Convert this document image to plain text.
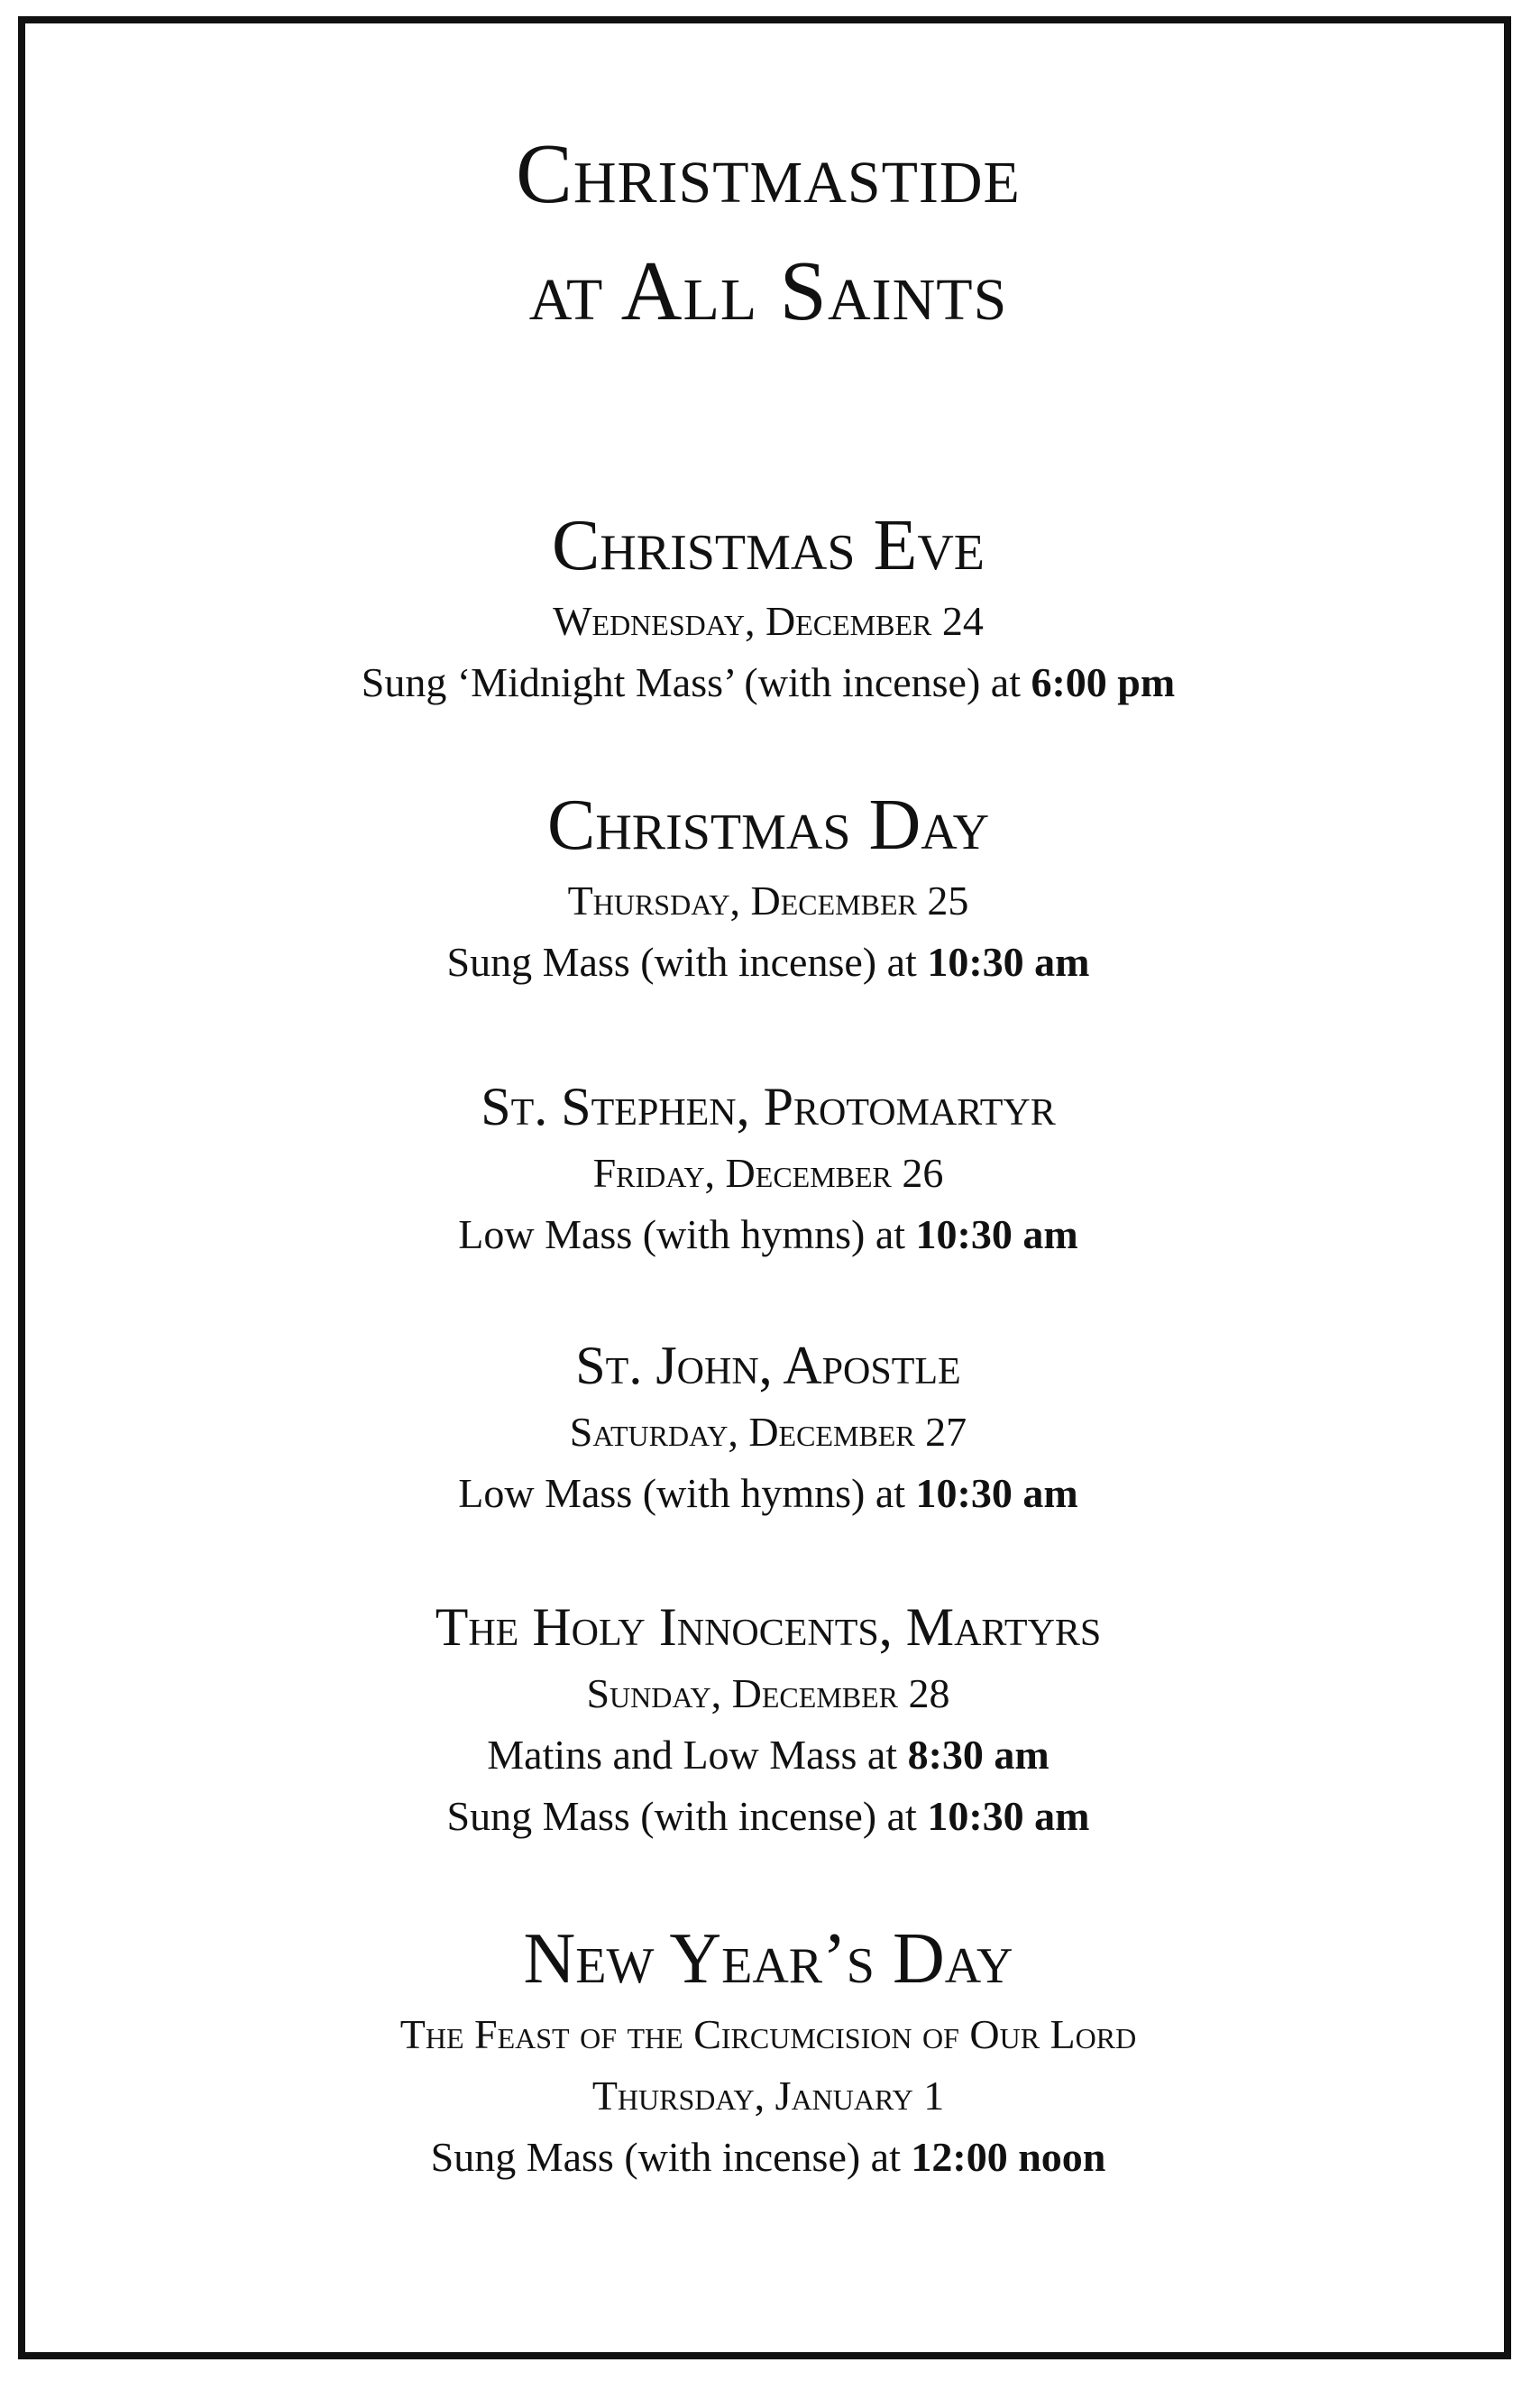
Christmastide
at All Saints
Christmas Eve
Wednesday, December 24
Sung ‘Midnight Mass’ (with incense) at 6:00 pm
Christmas Day
Thursday, December 25
Sung Mass (with incense) at 10:30 am
St. Stephen, Protomartyr
Friday, December 26
Low Mass (with hymns) at 10:30 am
St. John, Apostle
Saturday, December 27
Low Mass (with hymns) at 10:30 am
The Holy Innocents, Martyrs
Sunday, December 28
Matins and Low Mass at 8:30 am
Sung Mass (with incense) at 10:30 am
New Year’s Day
The Feast of the Circumcision of Our Lord
Thursday, January 1
Sung Mass (with incense) at 12:00 noon
